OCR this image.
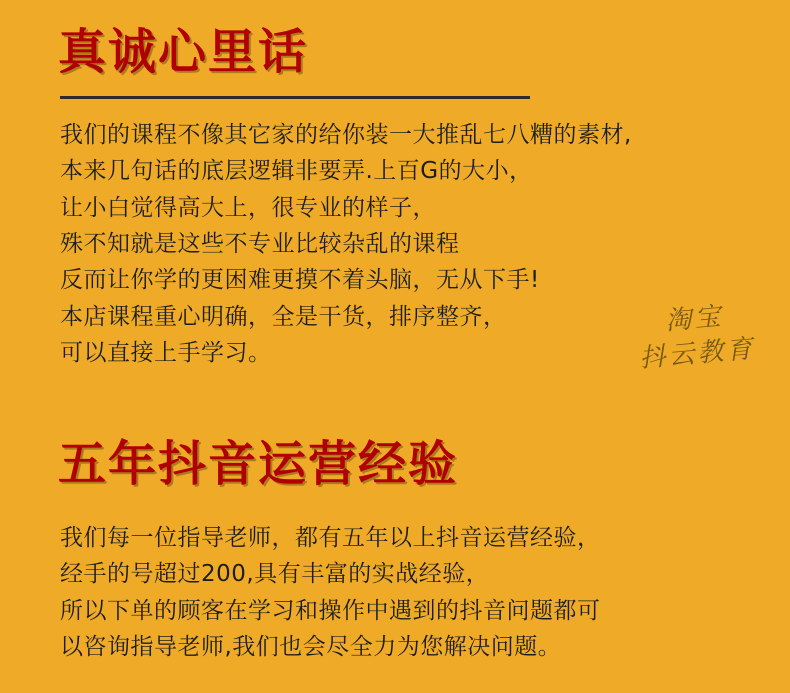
真诚心里话
我们的课程不像其它家的给你装一大推乱七八糟的素材,
本来几句话的底层逻辑非要弄.上百G的大小，
让小白觉得高大上，很专业的样子，
殊不知就是这些不专业比较杂乱的课程
反而让你学的更困难更摸不着头脑，无从下手!
本店课程重心明确，全是干货，排序整齐，
可以直接上手学习。
淘宝
抖云教育
五年抖音运营经验
我们每一位指导老师，都有五年以上抖音运营经验，
经手的号超过200,具有丰富的实战经验，
所以下单的顾客在学习和操作中遇到的抖音问题都可
以咨询指导老师,我们也会尽全力为您解决问题。
